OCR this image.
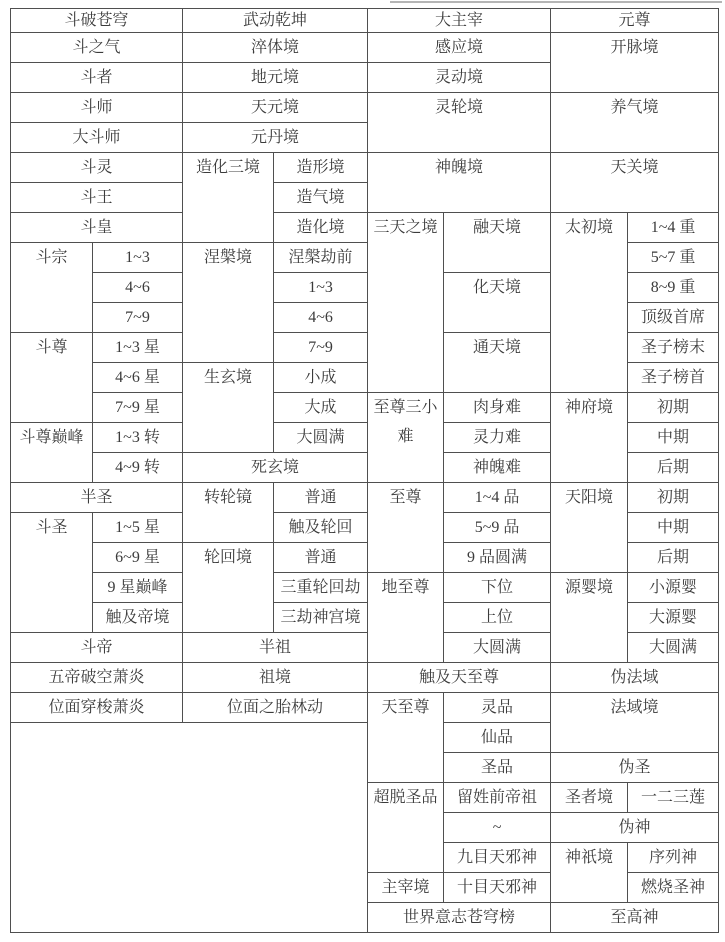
斗破苍穹		武动乾坤		大主宰		元尊	
斗之气		淬体境		感应境		开脉境	
斗者		地元境		灵动境			
斗师		天元境		灵轮境		养气境	
大斗师		元丹境					
斗灵		造化三境	造形境	神魄境		天关境	
斗王			造气境				
斗皇			造化境	三天之境	融天境	太初境	1~4 重
斗宗	1~3	涅槃境	涅槃劫前				5~7 重
	4~6		1~3		化天境		8~9 重
	7~9		4~6				顶级首席
斗尊	1~3 星		7~9		通天境		圣子榜末
	4~6 星	生玄境	小成				圣子榜首
	7~9 星		大成	至尊三小难	肉身难	神府境	初期
斗尊巅峰	1~3 转		大圆满		灵力难		中期
	4~9 转	死玄境			神魄难		后期
半圣		转轮镜	普通	至尊	1~4 品	天阳境	初期
斗圣	1~5 星		触及轮回		5~9 品		中期
	6~9 星	轮回境	普通		9 品圆满		后期
	9 星巅峰		三重轮回劫	地至尊	下位	源婴境	小源婴
	触及帝境		三劫神宫境		上位		大源婴
斗帝		半祖			大圆满		大圆满
五帝破空萧炎		祖境		触及天至尊		伪法域	
位面穿梭萧炎		位面之胎林动		天至尊	灵品	法域境	
					仙品		
					圣品	伪圣	
				超脱圣品	留姓前帝祖	圣者境	一二三莲
					~	伪神	
					九目天邪神	神祇境	序列神
				主宰境	十目天邪神		燃烧圣神
				世界意志苍穹榜		至高神	
